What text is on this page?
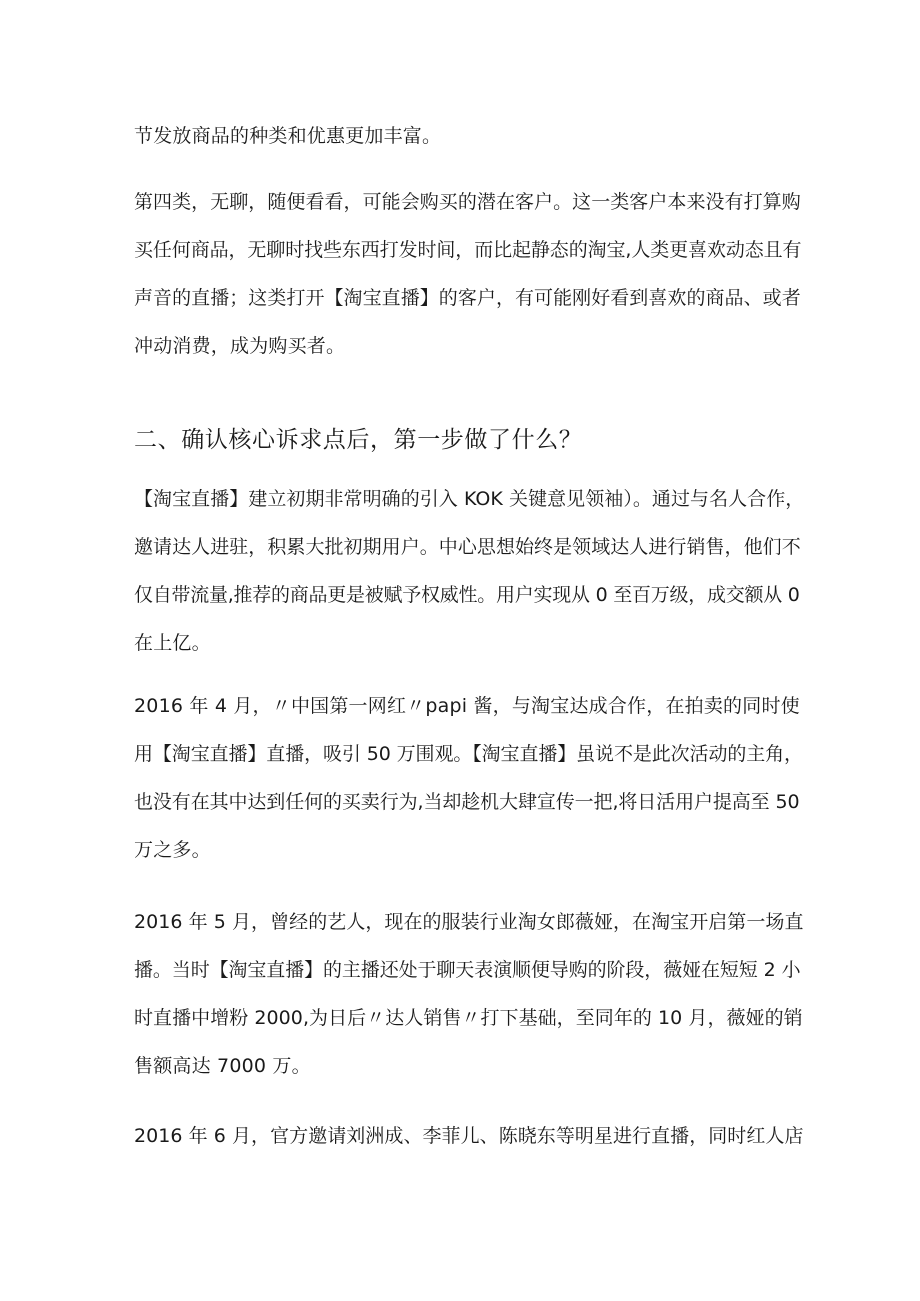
节发放商品的种类和优惠更加丰富。

第四类，无聊，随便看看，可能会购买的潜在客户。这一类客户本来没有打算购
买任何商品，无聊时找些东西打发时间，而比起静态的淘宝,人类更喜欢动态且有
声音的直播；这类打开【淘宝直播】的客户，有可能刚好看到喜欢的商品、或者
冲动消费，成为购买者。

二、确认核心诉求点后，第一步做了什么？

【淘宝直播】建立初期非常明确的引入 KOK 关键意见领袖）。通过与名人合作，
邀请达人进驻，积累大批初期用户。中心思想始终是领域达人进行销售，他们不
仅自带流量,推荐的商品更是被赋予权威性。用户实现从 0 至百万级，成交额从 0
在上亿。

2016 年 4 月，〃中国第一网红〃papi 酱，与淘宝达成合作，在拍卖的同时使
用【淘宝直播】直播，吸引 50 万围观。【淘宝直播】虽说不是此次活动的主角，
也没有在其中达到任何的买卖行为,当却趁机大肆宣传一把,将日活用户提高至 50
万之多。

2016 年 5 月，曾经的艺人，现在的服装行业淘女郎薇娅，在淘宝开启第一场直
播。当时【淘宝直播】的主播还处于聊天表演顺便导购的阶段，薇娅在短短 2 小
时直播中增粉 2000,为日后〃达人销售〃打下基础，至同年的 10 月，薇娅的销
售额高达 7000 万。

2016 年 6 月，官方邀请刘洲成、李菲儿、陈晓东等明星进行直播，同时红人店
